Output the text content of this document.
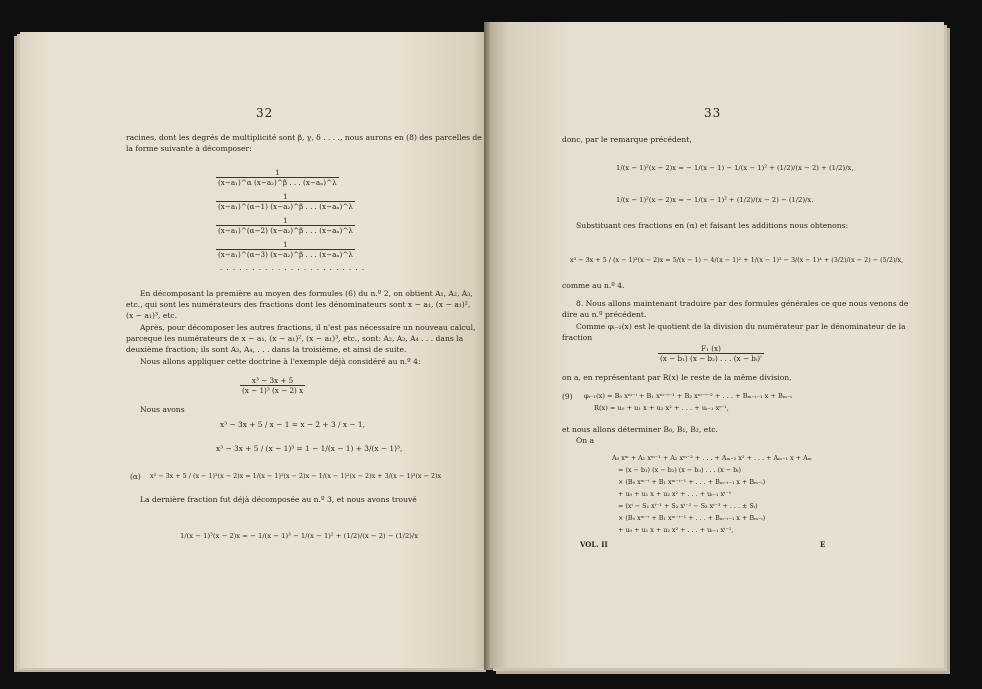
32
racines, dont les degrés de multiplicité sont β, γ, δ . . . ., nous aurons en (8) des parcelles de
la forme suivante à décomposer:
$\frac{1}{\text{(x−a₁)\textasciicircum{}α (x−a₂)\textasciicircum{}β . . . (x−aₙ)\textasciicircum{}λ}}$
$\frac{1}{\text{(x−a₁)\textasciicircum{}(α−1) (x−a₂)\textasciicircum{}β . . . (x−aₙ)\textasciicircum{}λ}}$
$\frac{1}{\text{(x−a₁)\textasciicircum{}(α−2) (x−a₂)\textasciicircum{}β . . . (x−aₙ)\textasciicircum{}λ}}$
$\frac{1}{\text{(x−a₁)\textasciicircum{}(α−3) (x−a₂)\textasciicircum{}β . . . (x−aₙ)\textasciicircum{}λ}}$
. . . . . . . . . . . . . . . . . . . . . . .
En décomposant la première au moyen des formules (6) du n.º 2, on obtient A₁, A₂, A₃,
etc., qui sont les numérateurs des fractions dont les dénominateurs sont x − a₁, (x − a₁)²,
(x − a₁)³, etc.
Après, pour décomposer les autres fractions, il n'est pas nécessaire un nouveau calcul,
parceque les numérateurs de x − a₁, (x − a₁)², (x − a₁)³, etc., sont: A₂, A₃, A₄ . . . dans la
deuxième fraction; ils sont A₃, A₄, . . . dans la troisième, et ainsi de suite.
Nous allons appliquer cette doctrine à l'exemple déjà considéré au n.º 4:
$\frac{\text{x³ − 3x + 5}}{\text{(x − 1)³ (x − 2) x}}$
Nous avons
x³ − 3x + 5 / x − 1 = x − 2 + 3 / x − 1,
x³ − 3x + 5 / (x − 1)³ = 1 − 1/(x − 1) + 3/(x − 1)³,
(α) x³ − 3x + 5 / (x − 1)³(x − 2)x = 1/(x − 1)²(x − 2)x − 1/(x − 1)²(x − 2)x + 3/(x − 1)³(x − 2)x
La dernière fraction fut déjà décomposée au n.º 3, et nous avons trouvé
1/(x − 1)³(x − 2)x = − 1/(x − 1)³ − 1/(x − 1)² + (1/2)/(x − 2) − (1/2)/x
33
donc, par le remarque précédent,
1/(x − 1)²(x − 2)x = − 1/(x − 1) − 1/(x − 1)² + (1/2)/(x − 2) + (1/2)/x,
1/(x − 1)²(x − 2)x = − 1/(x − 1)² + (1/2)/(x − 2) − (1/2)/x.
Substituant ces fractions en (α) et faisant les additions nous obtenons:
x³ − 3x + 5 / (x − 1)³(x − 2)x = 5/(x − 1) − 4/(x − 1)² + 1/(x − 1)³ − 3/(x − 1)⁴ + (3/2)/(x − 2) − (5/2)/x,
comme au n.º 4.
8. Nous allons maintenant traduire par des formules générales ce que nous venons de
dire au n.º précédent.
Comme φᵢ₋₁(x) est le quotient de la division du numérateur par le dénominateur de la
fraction
$\frac{\text{F₁ (x)}}{\text{(x − b₁) (x − b₂) . . . (x − bᵢ)'}}$
on a, en représentant par R(x) le reste de la même division,
(9) φᵢ₋₁(x) = B₀ xᵐ⁻ⁱ + B₁ xᵐ⁻ⁱ⁻¹ + B₂ xᵐ⁻ⁱ⁻² + . . . + Bₘ₋ᵢ₋₁ x + Bₘ₋ᵢ
R(x) = u₀ + u₁ x + u₂ x² + . . . + uᵢ₋₁ xⁱ⁻¹,
et nous allons déterminer B₀, B₁, B₂, etc.
On a
A₀ xᵐ + A₁ xᵐ⁻¹ + A₂ xᵐ⁻² + . . . + Aₘ₋₂ x² + . . . + Aₘ₋₁ x + Aₘ
= (x − b₁) (x − b₂) (x − b₃) . . . (x − bᵢ)
× (B₀ xᵐ⁻ⁱ + B₁ xᵐ⁻ⁱ⁻¹ + . . . + Bₘ₋ᵢ₋₁ x + Bₘ₋ᵢ)
+ u₀ + u₁ x + u₂ x² + . . . + uᵢ₋₁ xⁱ⁻¹
= (xⁱ − S₁ xⁱ⁻¹ + S₂ xⁱ⁻² − S₃ xⁱ⁻³ + . . . ± Sᵢ)
× (B₀ xᵐ⁻ⁱ + B₁ xᵐ⁻ⁱ⁻¹ + . . . + Bₘ₋ᵢ₋₁ x + Bₘ₋ᵢ)
+ u₀ + u₁ x + u₂ x² + . . . + uᵢ₋₁ xⁱ⁻¹,
VOL. II	E
